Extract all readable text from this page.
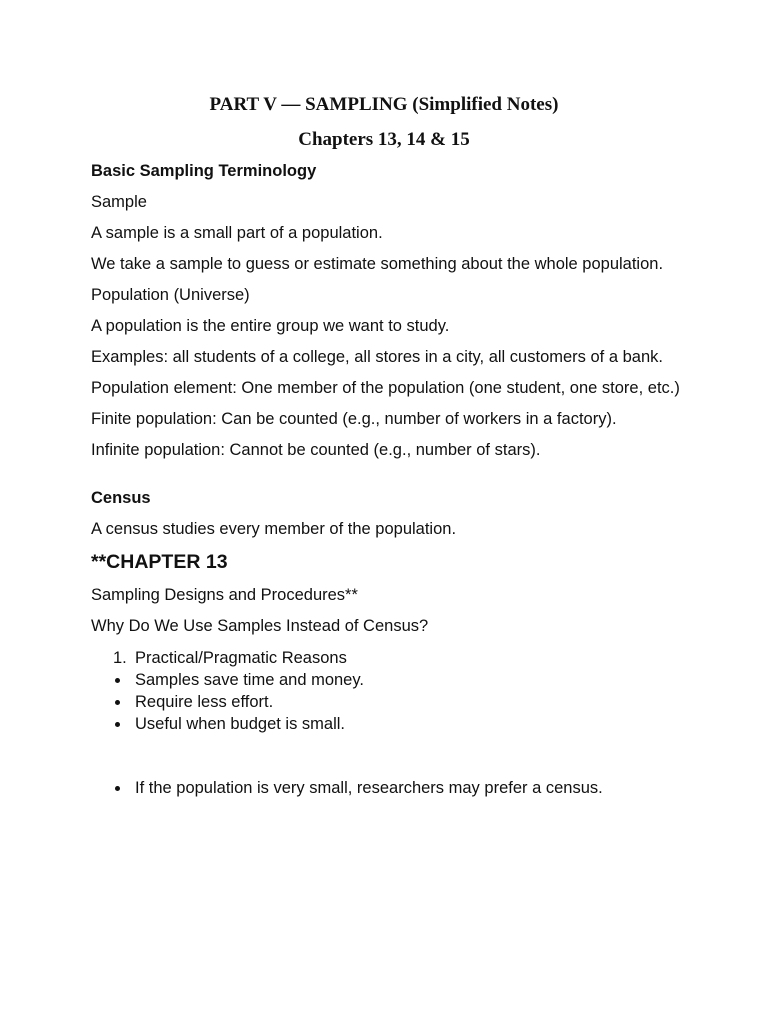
PART V — SAMPLING (Simplified Notes)
Chapters 13, 14 & 15
Basic Sampling Terminology

Sample

A sample is a small part of a population.

We take a sample to guess or estimate something about the whole population.

Population (Universe)

A population is the entire group we want to study.

Examples: all students of a college, all stores in a city, all customers of a bank.

Population element: One member of the population (one student, one store, etc.)

Finite population: Can be counted (e.g., number of workers in a factory).

Infinite population: Cannot be counted (e.g., number of stars).

Census

A census studies every member of the population.

**CHAPTER 13

Sampling Designs and Procedures**

Why Do We Use Samples Instead of Census?

1. Practical/Pragmatic Reasons
Samples save time and money.
Require less effort.
Useful when budget is small.
If the population is very small, researchers may prefer a census.
